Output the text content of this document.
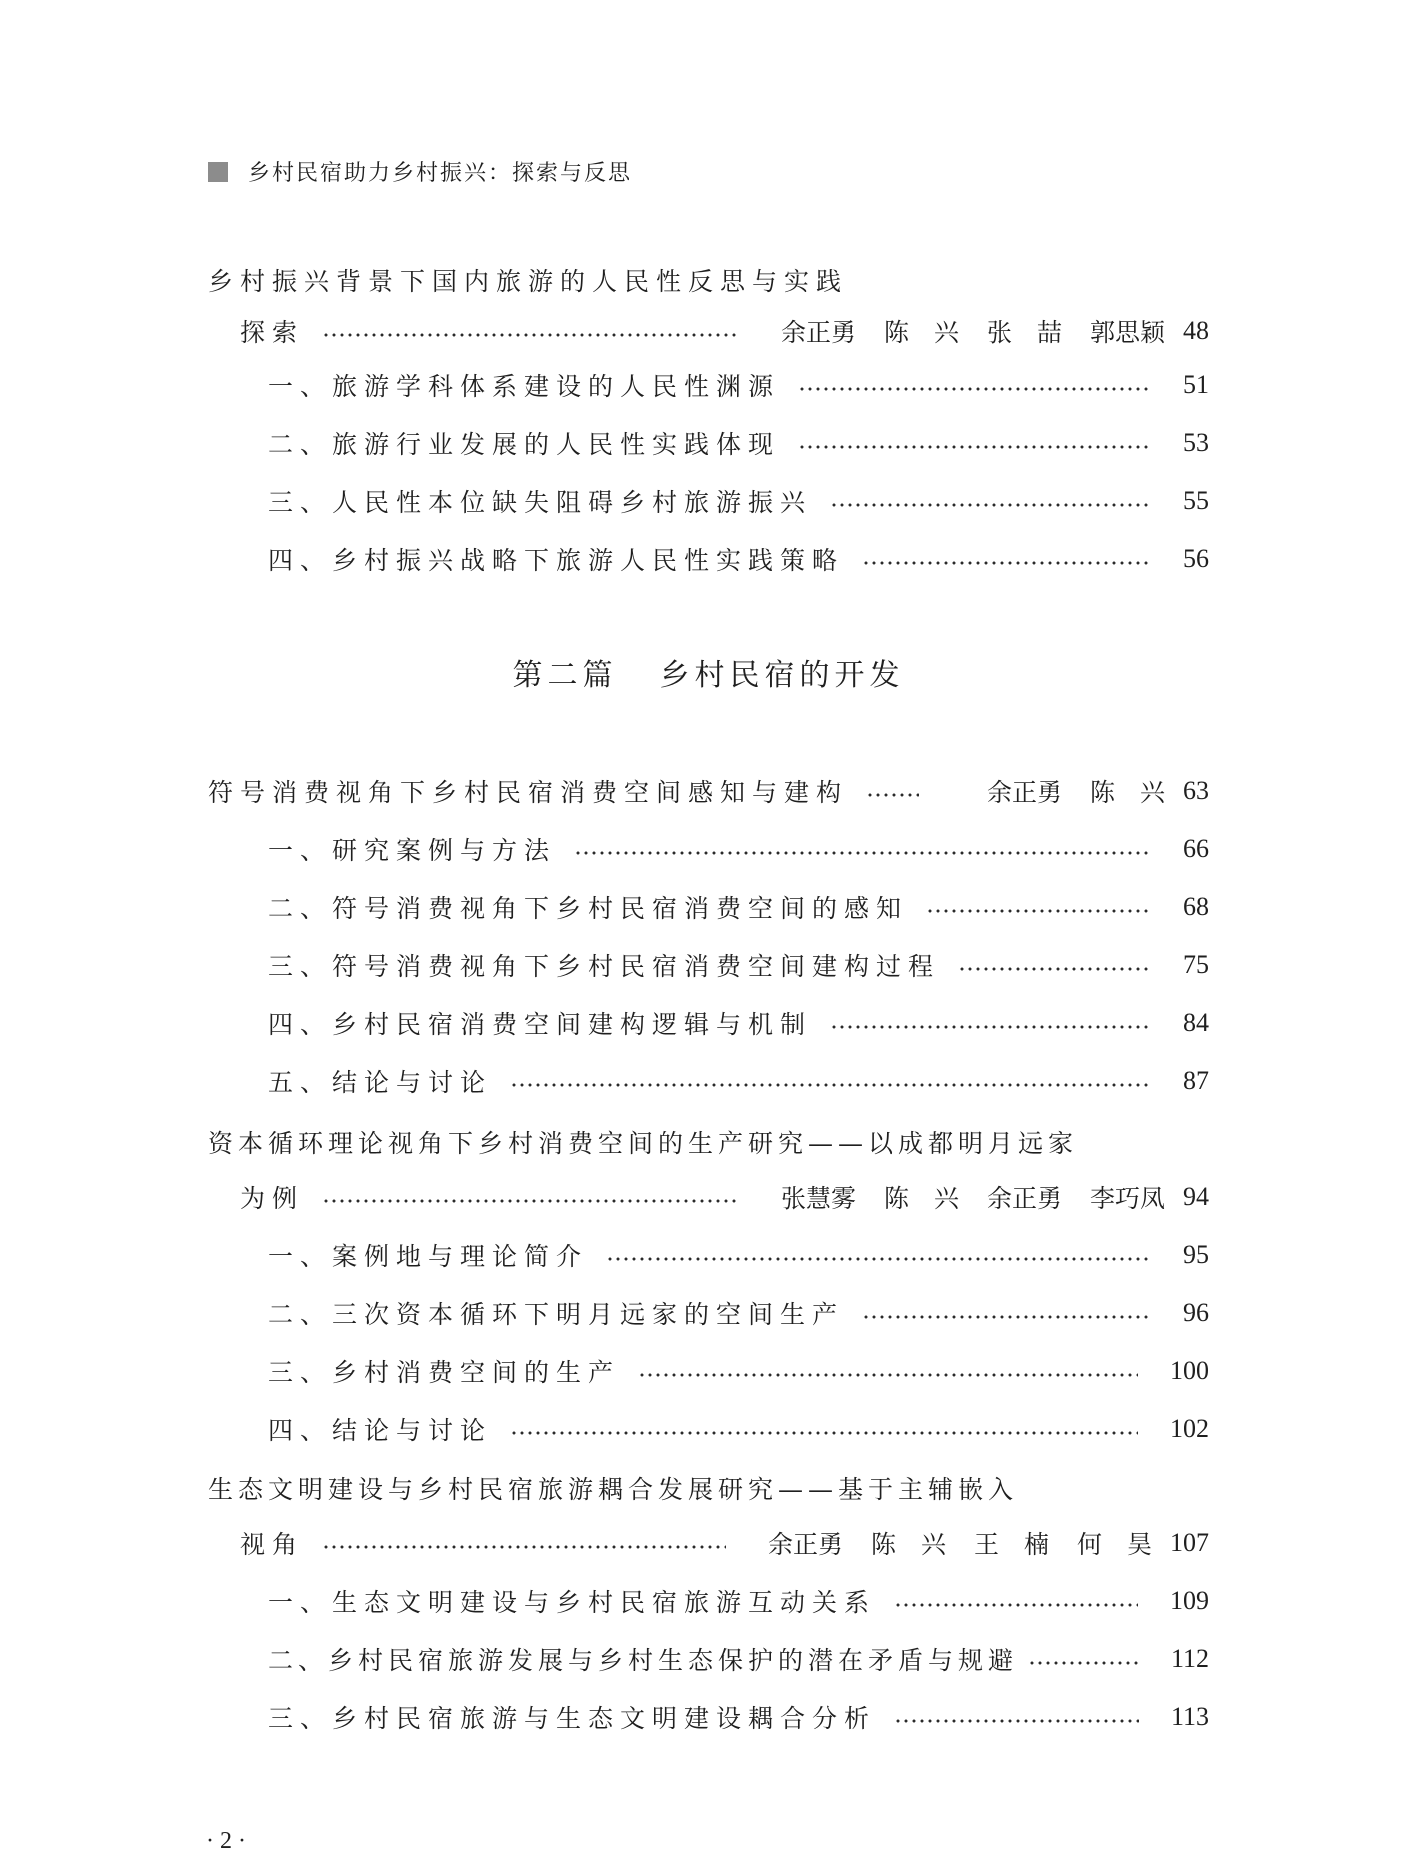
乡村民宿助力乡村振兴：探索与反思
乡村振兴背景下国内旅游的人民性反思与实践
探索	余正勇 陈　兴 张　喆 郭思颖 48
一、旅游学科体系建设的人民性渊源	51
二、旅游行业发展的人民性实践体现	53
三、人民性本位缺失阻碍乡村旅游振兴	55
四、乡村振兴战略下旅游人民性实践策略	56
第二篇 乡村民宿的开发
符号消费视角下乡村民宿消费空间感知与建构	余正勇 陈　兴 63
一、研究案例与方法	66
二、符号消费视角下乡村民宿消费空间的感知	68
三、符号消费视角下乡村民宿消费空间建构过程	75
四、乡村民宿消费空间建构逻辑与机制	84
五、结论与讨论	87
资本循环理论视角下乡村消费空间的生产研究——以成都明月远家
为例	张慧雾 陈　兴 余正勇 李巧凤 94
一、案例地与理论简介	95
二、三次资本循环下明月远家的空间生产	96
三、乡村消费空间的生产	100
四、结论与讨论	102
生态文明建设与乡村民宿旅游耦合发展研究——基于主辅嵌入
视角	余正勇 陈　兴 王　楠 何　昊 107
一、生态文明建设与乡村民宿旅游互动关系	109
二、乡村民宿旅游发展与乡村生态保护的潜在矛盾与规避	112
三、乡村民宿旅游与生态文明建设耦合分析	113
· 2 ·
